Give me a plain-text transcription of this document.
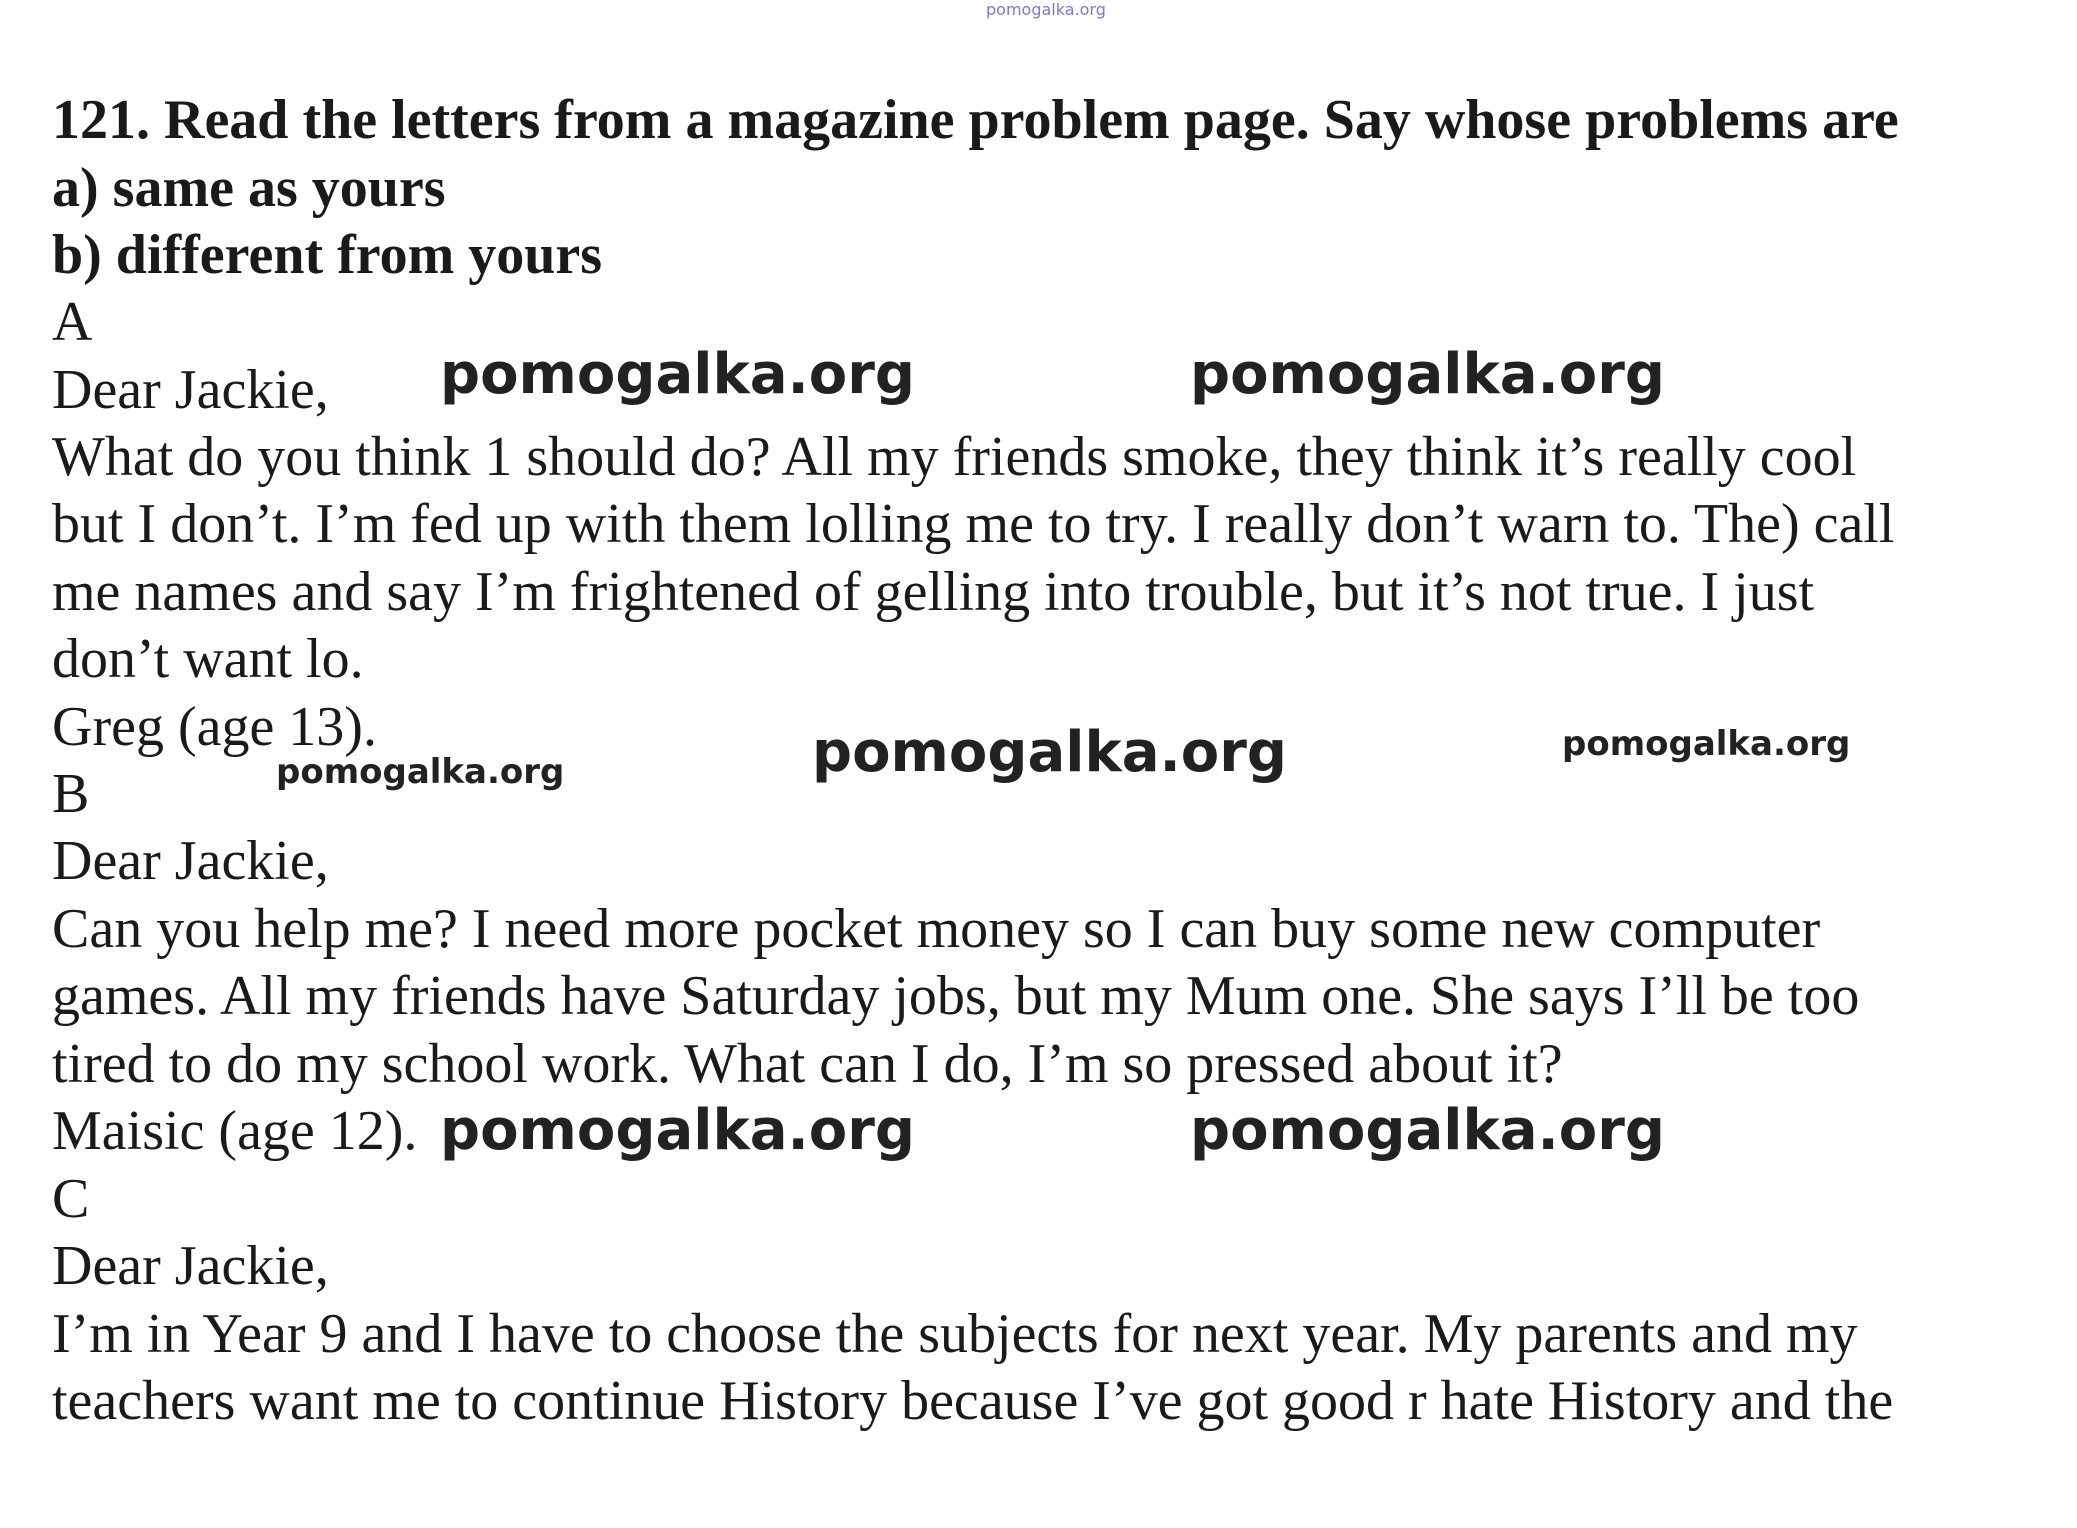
pomogalka.org

121. Read the letters from a magazine problem page. Say whose problems are

a) same as yours

b) different from yours

A

Dear Jackie,

What do you think 1 should do? All my friends smoke, they think it’s really cool

but I don’t. I’m fed up with them lolling me to try. I really don’t warn to. The) call

me names and say I’m frightened of gelling into trouble, but it’s not true. I just

don’t want lo.

Greg (age 13).

B

Dear Jackie,

Can you help me? I need more pocket money so I can buy some new computer

games. All my friends have Saturday jobs, but my Mum one. She says I’ll be too

tired to do my school work. What can I do, I’m so pressed about it?

Maisic (age 12).

C

Dear Jackie,

I’m in Year 9 and I have to choose the subjects for next year. My parents and my

teachers want me to continue History because I’ve got good r hate History and the

pomogalka.org	pomogalka.org
pomogalka.org
pomogalka.org
pomogalka.org
pomogalka.org	pomogalka.org
